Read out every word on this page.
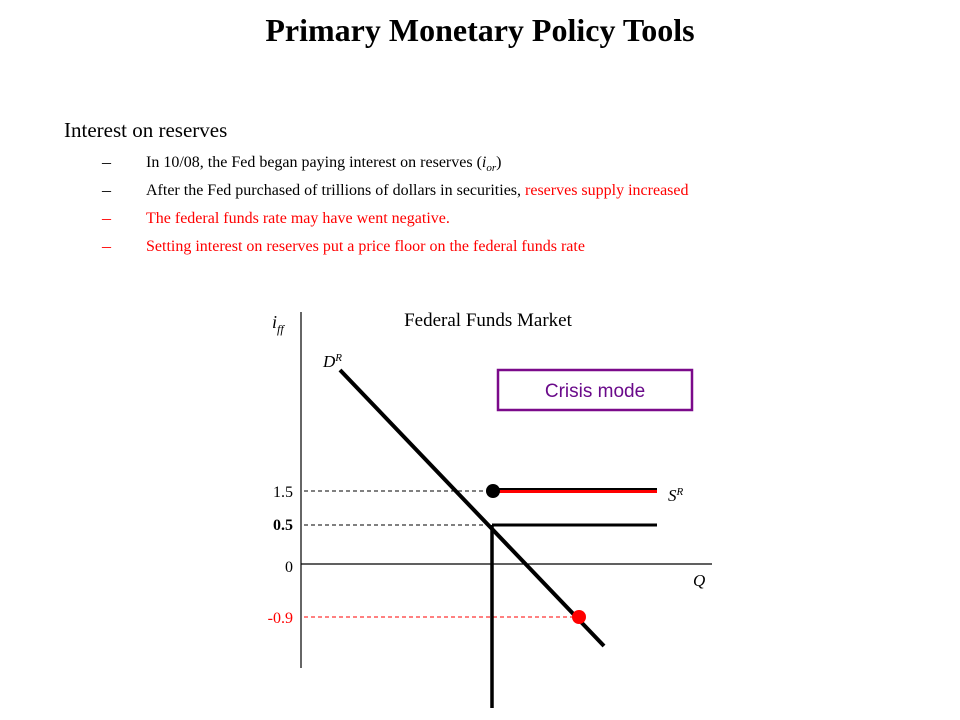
Primary Monetary Policy Tools
Interest on reserves
– In 10/08, the Fed began paying interest on reserves $(i_{or})$
– After the Fed purchased of trillions of dollars in securities, reserves supply increased
– The federal funds rate may have went negative.
– Setting interest on reserves put a price floor on the federal funds rate
Federal Funds Market
$i_{ff}$
Q
1.5
0.5
0
-0.9
$D^R$
$S^R$
Crisis mode
